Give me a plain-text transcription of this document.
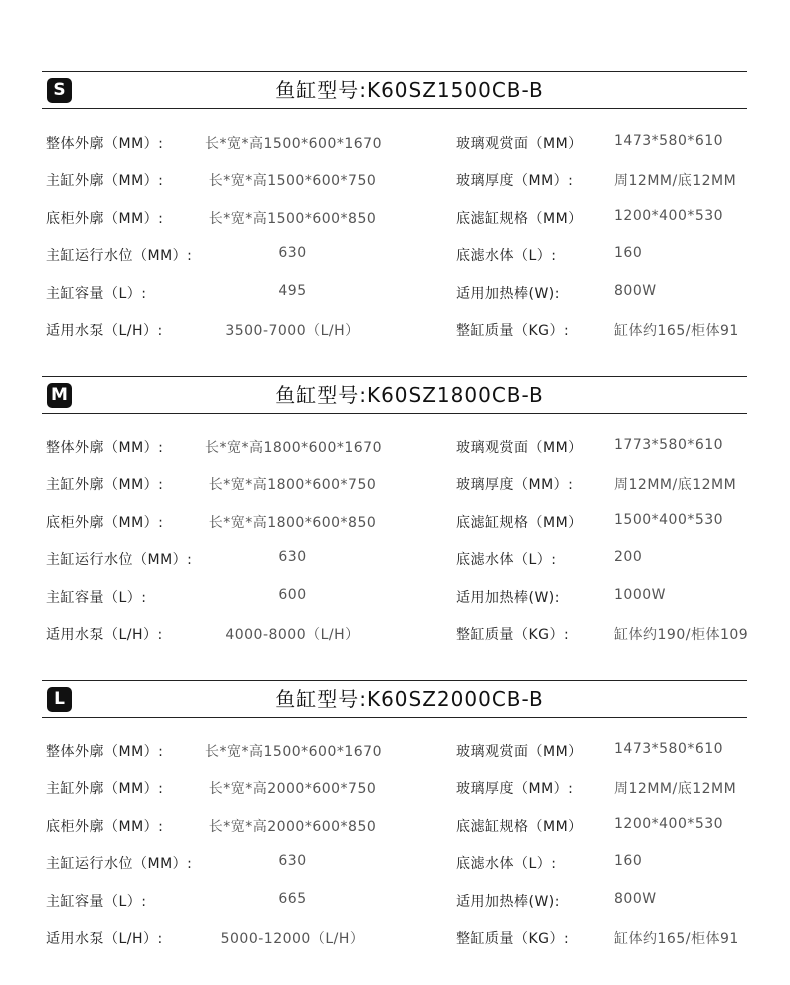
S	鱼缸型号:K60SZ1500CB-B
整体外廓（MM）:	长*宽*高1500*600*1670	玻璃观赏面（MM） 1473*580*610
主缸外廓（MM）:	长*宽*高1500*600*750	玻璃厚度（MM）:	周12MM/底12MM
底柜外廓（MM）:	长*宽*高1500*600*850	底滤缸规格（MM） 1200*400*530
主缸运行水位（MM）:	630	底滤水体（L）:	160
主缸容量（L）:	495	适用加热棒(W):	800W
适用水泵（L/H）:	3500-7000（L/H）	整缸质量（KG）:	缸体约165/柜体91
M	鱼缸型号:K60SZ1800CB-B
整体外廓（MM）:	长*宽*高1800*600*1670	玻璃观赏面（MM） 1773*580*610
主缸外廓（MM）:	长*宽*高1800*600*750	玻璃厚度（MM）:	周12MM/底12MM
底柜外廓（MM）:	长*宽*高1800*600*850	底滤缸规格（MM） 1500*400*530
主缸运行水位（MM）:	630	底滤水体（L）:	200
主缸容量（L）:	600	适用加热棒(W):	1000W
适用水泵（L/H）:	4000-8000（L/H）	整缸质量（KG）:	缸体约190/柜体109
L	鱼缸型号:K60SZ2000CB-B
整体外廓（MM）:	长*宽*高1500*600*1670	玻璃观赏面（MM） 1473*580*610
主缸外廓（MM）:	长*宽*高2000*600*750	玻璃厚度（MM）:	周12MM/底12MM
底柜外廓（MM）:	长*宽*高2000*600*850	底滤缸规格（MM） 1200*400*530
主缸运行水位（MM）:	630	底滤水体（L）:	160
主缸容量（L）:	665	适用加热棒(W):	800W
适用水泵（L/H）:	5000-12000（L/H）	整缸质量（KG）:	缸体约165/柜体91
